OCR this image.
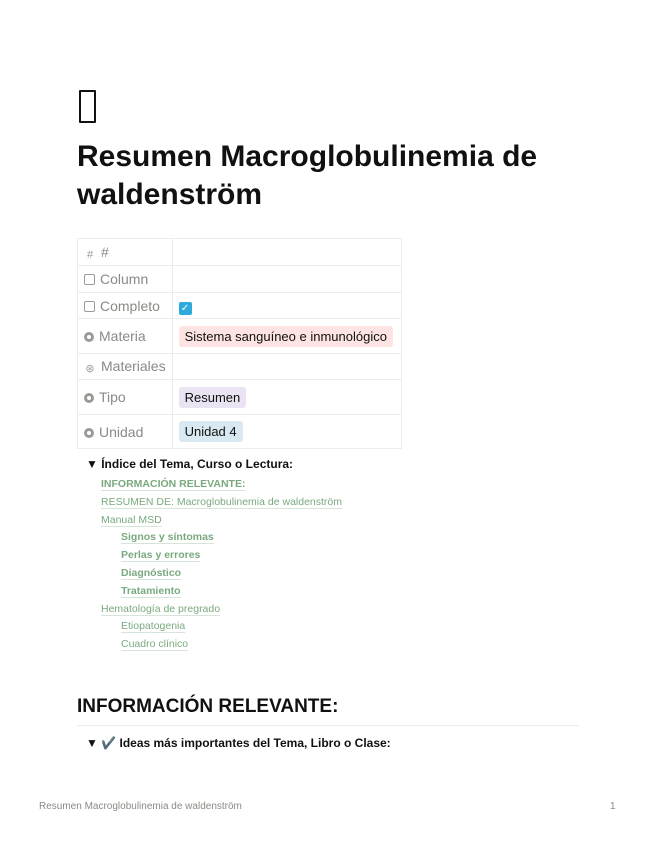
Resumen Macroglobulinemia de waldenström
# #	
Column	
Completo	✓
Materia	Sistema sanguíneo e inmunológico
⊛ Materiales	
Tipo	Resumen
Unidad	Unidad 4
▼ Índice del Tema, Curso o Lectura:
INFORMACIÓN RELEVANTE:
RESUMEN DE: Macroglobulinemia de waldenström
Manual MSD
Signos y síntomas
Perlas y errores
Diagnóstico
Tratamiento
Hematología de pregrado
Etiopatogenia
Cuadro clínico
INFORMACIÓN RELEVANTE:
▼ ✔️ Ideas más importantes del Tema, Libro o Clase:
Resumen Macroglobulinemia de waldenström	1
